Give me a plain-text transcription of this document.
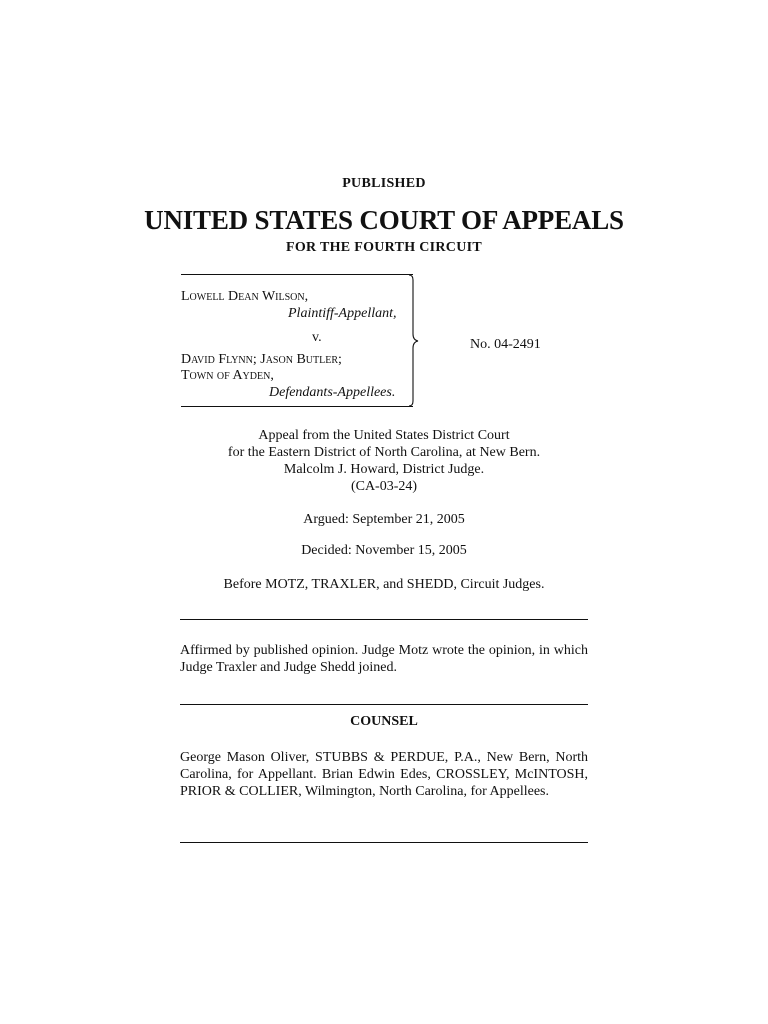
PUBLISHED
UNITED STATES COURT OF APPEALS
FOR THE FOURTH CIRCUIT
Lowell Dean Wilson,
Plaintiff-Appellant,
v.
David Flynn; Jason Butler;
Town of Ayden,
Defendants-Appellees.
No. 04-2491
Appeal from the United States District Court
for the Eastern District of North Carolina, at New Bern.
Malcolm J. Howard, District Judge.
(CA-03-24)
Argued: September 21, 2005
Decided: November 15, 2005
Before MOTZ, TRAXLER, and SHEDD, Circuit Judges.
Affirmed by published opinion. Judge Motz wrote the opinion, in which Judge Traxler and Judge Shedd joined.
COUNSEL
George Mason Oliver, STUBBS & PERDUE, P.A., New Bern, North Carolina, for Appellant. Brian Edwin Edes, CROSSLEY, McINTOSH, PRIOR & COLLIER, Wilmington, North Carolina, for Appellees.
